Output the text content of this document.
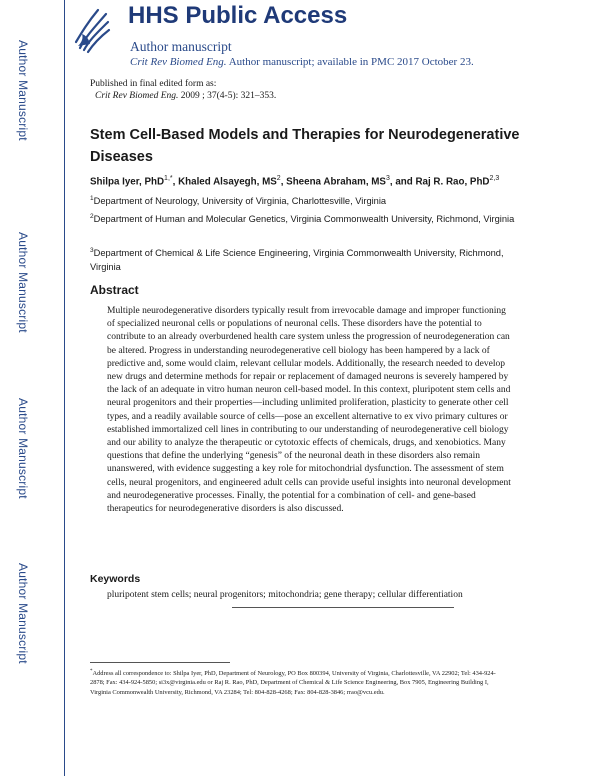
Author Manuscript
Author Manuscript
Author Manuscript
Author Manuscript
HHS Public Access
Author manuscript
Crit Rev Biomed Eng. Author manuscript; available in PMC 2017 October 23.
Published in final edited form as:
Crit Rev Biomed Eng. 2009 ; 37(4-5): 321–353.
Stem Cell-Based Models and Therapies for Neurodegenerative Diseases
Shilpa Iyer, PhD$^{1,*}$, Khaled Alsayegh, $MS^2$, Sheena Abraham, $MS^3$, and Raj R. Rao, PhD$^{2,3}$
$^1$Department of Neurology, University of Virginia, Charlottesville, Virginia
$^2$Department of Human and Molecular Genetics, Virginia Commonwealth University, Richmond, Virginia
$^3$Department of Chemical & Life Science Engineering, Virginia Commonwealth University, Richmond, Virginia
Abstract
Multiple neurodegenerative disorders typically result from irrevocable damage and improper functioning of specialized neuronal cells or populations of neuronal cells. These disorders have the potential to contribute to an already overburdened health care system unless the progression of neurodegeneration can be altered. Progress in understanding neurodegenerative cell biology has been hampered by a lack of predictive and, some would claim, relevant cellular models. Additionally, the research needed to develop new drugs and determine methods for repair or replacement of damaged neurons is severely hampered by the lack of an adequate in vitro human neuron cell-based model. In this context, pluripotent stem cells and neural progenitors and their properties—including unlimited proliferation, plasticity to generate other cell types, and a readily available source of cells—pose an excellent alternative to ex vivo primary cultures or established immortalized cell lines in contributing to our understanding of neurodegenerative cell biology and our ability to analyze the therapeutic or cytotoxic effects of chemicals, drugs, and xenobiotics. Many questions that define the underlying “genesis” of the neuronal death in these disorders also remain unanswered, with evidence suggesting a key role for mitochondrial dysfunction. The assessment of stem cells, neural progenitors, and engineered adult cells can provide useful insights into neuronal development and neurodegenerative processes. Finally, the potential for a combination of cell- and gene-based therapeutics for neurodegenerative disorders is also discussed.
Keywords
pluripotent stem cells; neural progenitors; mitochondria; gene therapy; cellular differentiation
*Address all correspondence to: Shilpa Iyer, PhD, Department of Neurology, PO Box 800394, University of Virginia, Charlottesville, VA 22902; Tel: 434-924-2878; Fax: 434-924-5850; si3x@virginia.edu or Raj R. Rao, PhD, Department of Chemical & Life Science Engineering, Box 7905, Engineering Building I, Virginia Commonwealth University, Richmond, VA 23284; Tel: 804-828-4268; Fax: 804-828-3846; rrao@vcu.edu.
